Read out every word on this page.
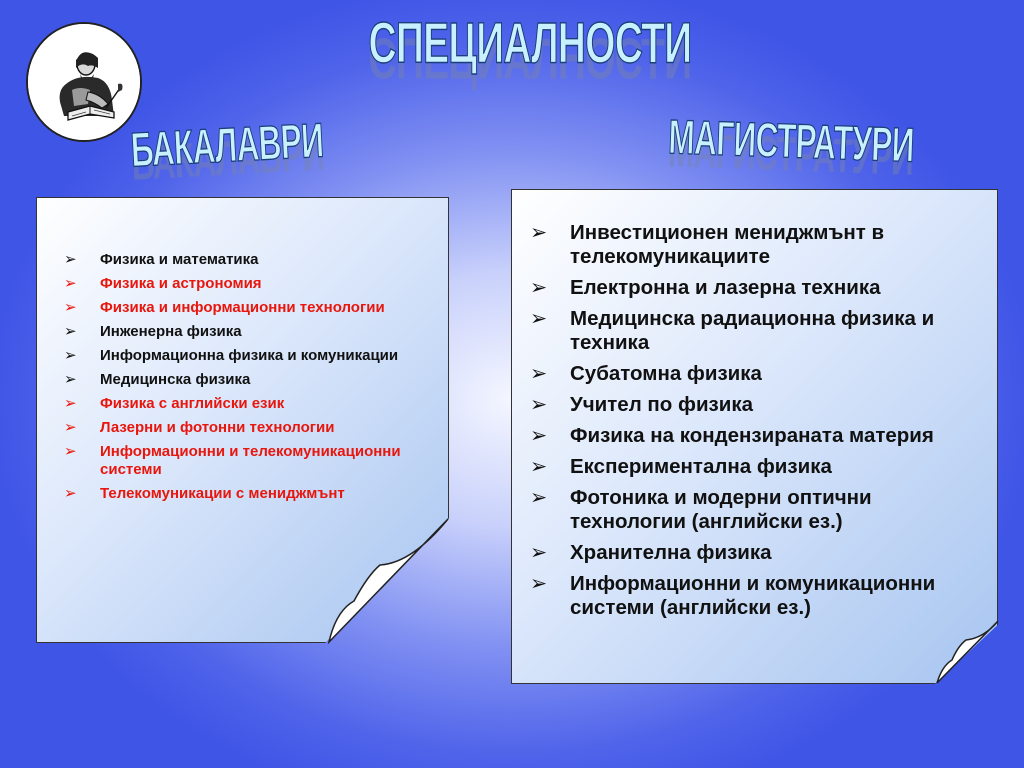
СПЕЦИАЛНОСТИ
БАКАЛАВРИ	МАГИСТРАТУРИ
➢ Физика и математика
➢ Физика и астрономия
➢ Физика и информационни технологии
➢ Инженерна физика
➢ Информационна физика и комуникации
➢ Медицинска физика
➢ Физика с английски език
➢ Лазерни и фотонни технологии
➢ Информационни и телекомуникационни системи
➢ Телекомуникации с мениджмънт
➢ Инвестиционен мениджмънт в телекомуникациите
➢ Електронна и лазерна техника
➢ Медицинска радиационна физика и техника
➢ Субатомна физика
➢ Учител по физика
➢ Физика на кондензираната материя
➢ Експериментална физика
➢ Фотоника и модерни оптични технологии (английски ез.)
➢ Хранителна физика
➢ Информационни и комуникационни системи (английски ез.)
